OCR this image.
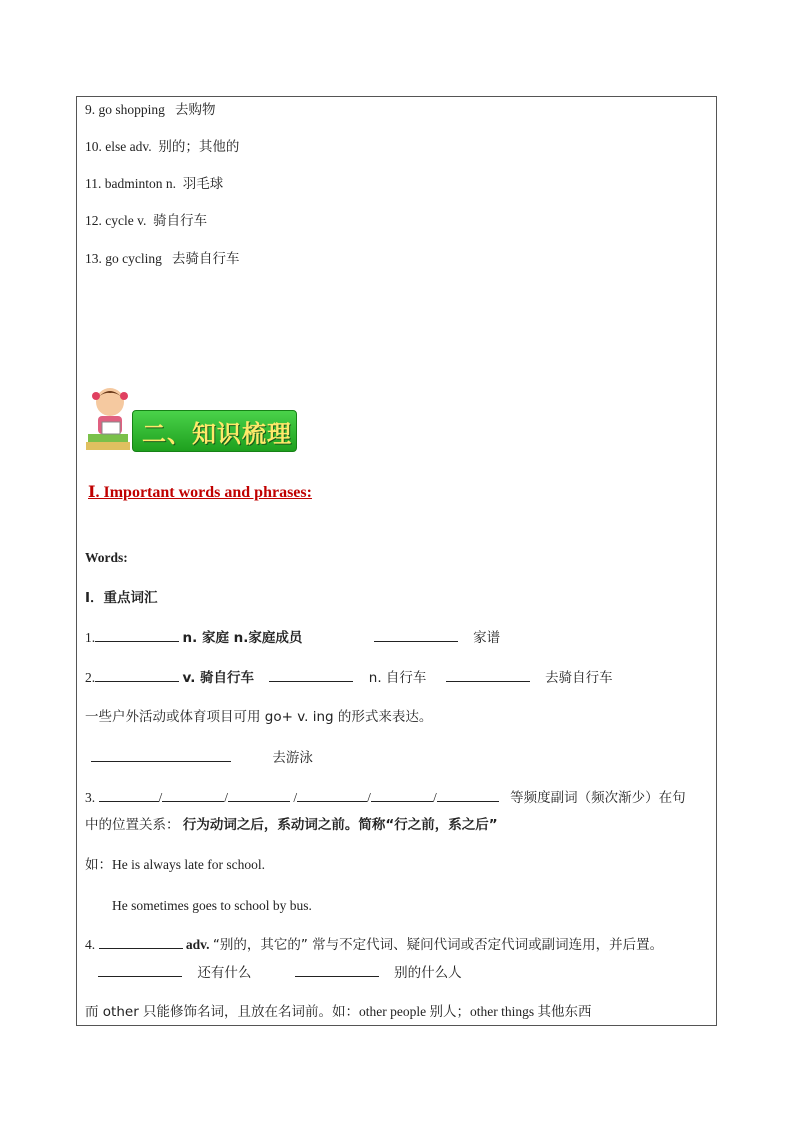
9. go shopping 去购物
10. else adv. 别的；其他的
11. badminton n. 羽毛球
12. cycle v. 骑自行车
13. go cycling 去骑自行车
二、知识梳理
Ⅰ. Important words and phrases:
Words:
I．重点词汇
1.	n. 家庭 n.家庭成员	家谱
2.	v. 骑自行车	n. 自行车	去骑自行车
一些户外活动或体育项目可用 go+ v. ing 的形式来表达。
去游泳
3.	/	/	/	/	/	等频度副词（频次渐少）在句
中的位置关系： 行为动词之后，系动词之前。简称“行之前，系之后”
如：He is always late for school.
He sometimes goes to school by bus.
4.	adv. “别的，其它的” 常与不定代词、疑问代词或否定代词或副词连用，并后置。
还有什么	别的什么人
而 other 只能修饰名词，且放在名词前。如：other people 别人；other things 其他东西
